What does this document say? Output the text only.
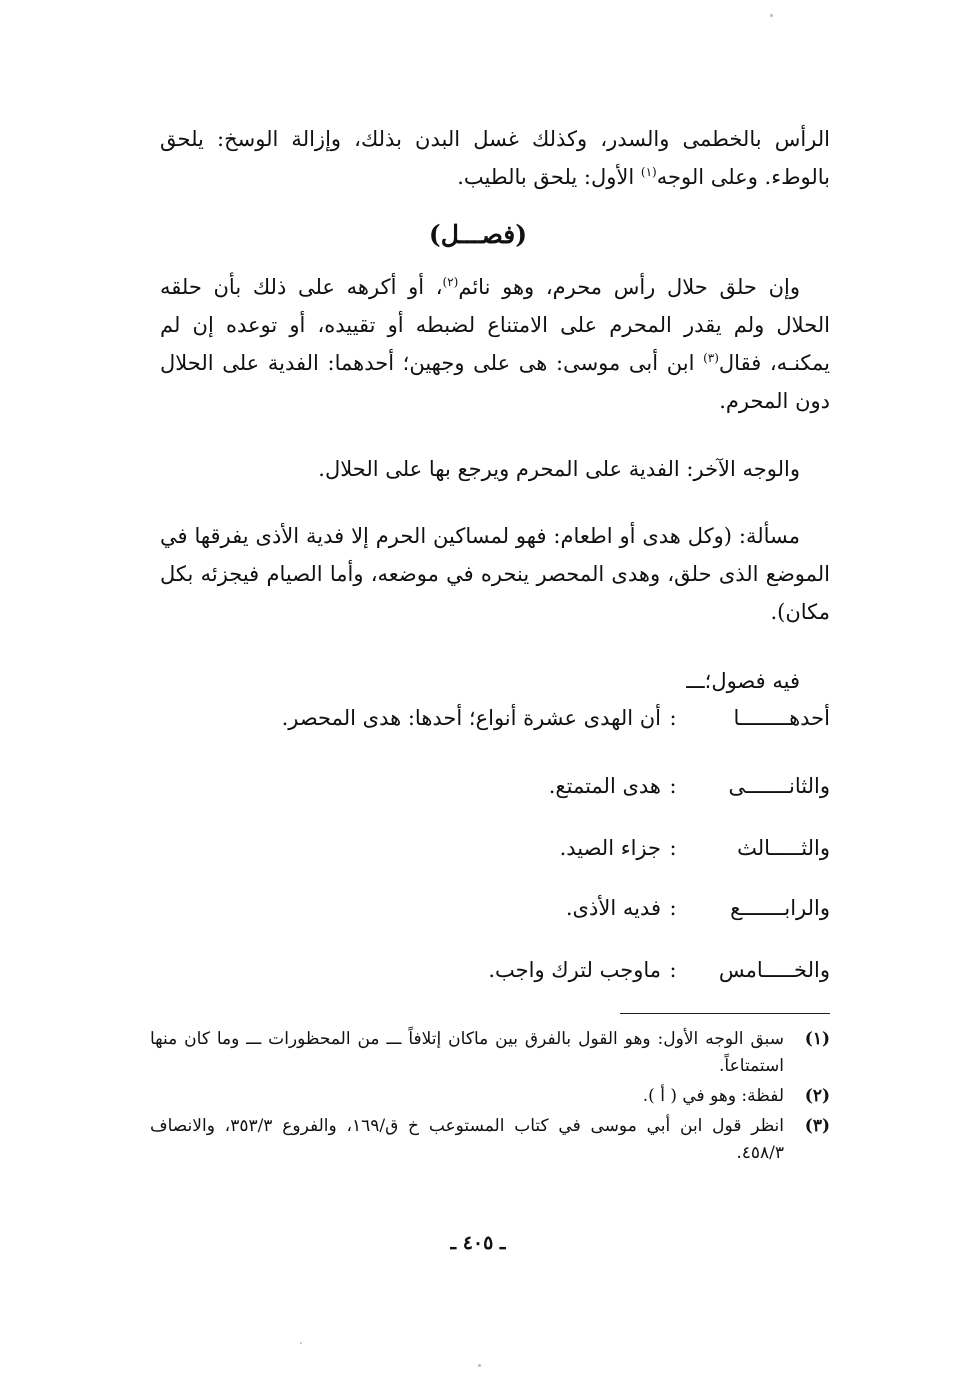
الرأس بالخطمى والسدر، وكذلك غسل البدن بذلك، وإزالة الوسخ: يلحق بالوطء. وعلى الوجه$^{(١)}$ الأول: يلحق بالطيب.
(فصـــل)
وإن حلق حلال رأس محرم، وهو نائم$^{(٢)}$، أو أكرهه على ذلك بأن حلقه الحلال ولم يقدر المحرم على الامتناع لضبطه أو تقييده، أو توعده إن لم يمكنـه، فقال$^{(٣)}$ ابن أبى موسى: هى على وجهين؛ أحدهما: الفدية على الحلال دون المحرم.
والوجه الآخر: الفدية على المحرم ويرجع بها على الحلال.
مسألة: (وكل هدى أو اطعام: فهو لمساكين الحرم إلا فدية الأذى يفرقها في الموضع الذى حلق، وهدى المحصر ينحره في موضعه، وأما الصيام فيجزئه بكل مكان).
فيه فصول؛ـــ
أحدهــــــــا:أن الهدى عشرة أنواع؛ أحدها: هدى المحصر.
والثانـــــــى:هدى المتمتع.
والثـــــالث:جزاء الصيد.
والرابـــــــع:فديه الأذى.
والخـــــامس:ماوجب لترك واجب.
(١)
سبق الوجه الأول: وهو القول بالفرق بين ماكان إتلافاً ـــ من المحظورات ـــ وما كان منها استمتاعاً.
(٢)
لفظة: وهو في ( أ ).
(٣)
انظر قول ابن أبي موسى في كتاب المستوعب خ ق/١٦٩، والفروع ٣٥٣/٣، والانصاف ٤٥٨/٣.
ـ ٤٠٥ ـ
